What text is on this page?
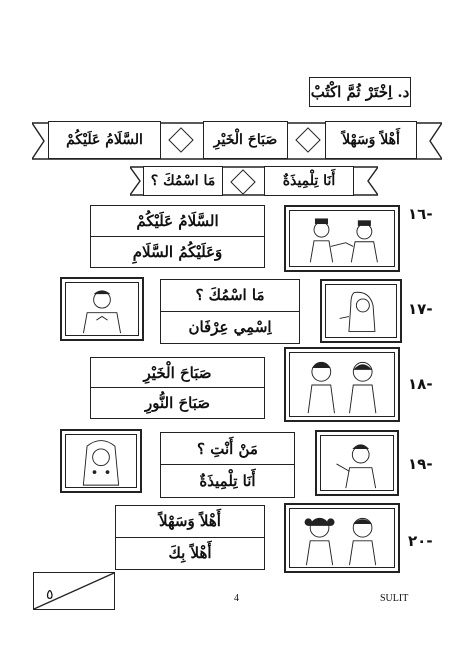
د. اِخْتَرْ ثُمَّ اكْتُبْ
السَّلَامُ عَلَيْكُمْ	صَبَاحَ الْخَيْرِ	أَهْلاً وَسَهْلاً
مَا اسْمُكَ ؟	أَنَا تِلْمِيذَةٌ
السَّلَامُ عَلَيْكُمْ
وَعَلَيْكُمُ السَّلَامِ
-١٦
مَا اسْمُكَ ؟
اِسْمِي عِرْفَان
-١٧
صَبَاحَ الْخَيْرِ
صَبَاحَ النُّورِ
-١٨
مَنْ أَنْتِ ؟
أَنَا تِلْمِيذَةٌ
-١٩
أَهْلاً وَسَهْلاً
أَهْلاً بِكَ
-٢٠
٥	4	SULIT
